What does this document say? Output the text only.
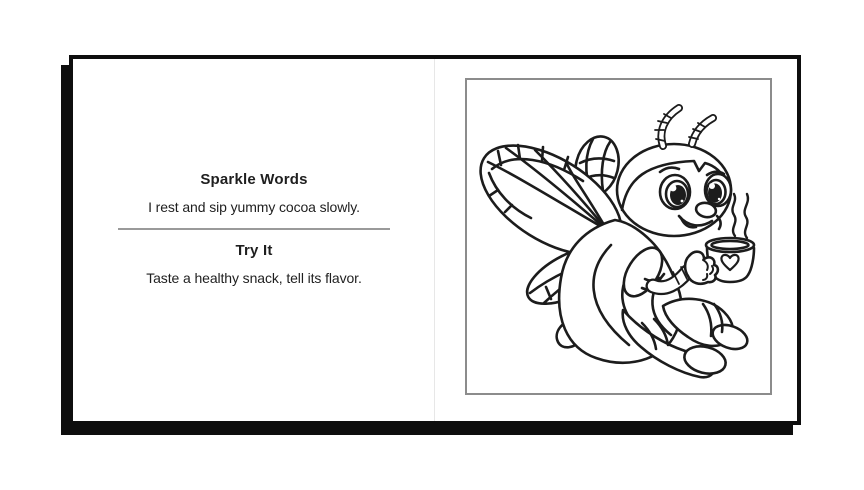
Sparkle Words

I rest and sip yummy cocoa slowly.

Try It

Taste a healthy snack, tell its flavor.
